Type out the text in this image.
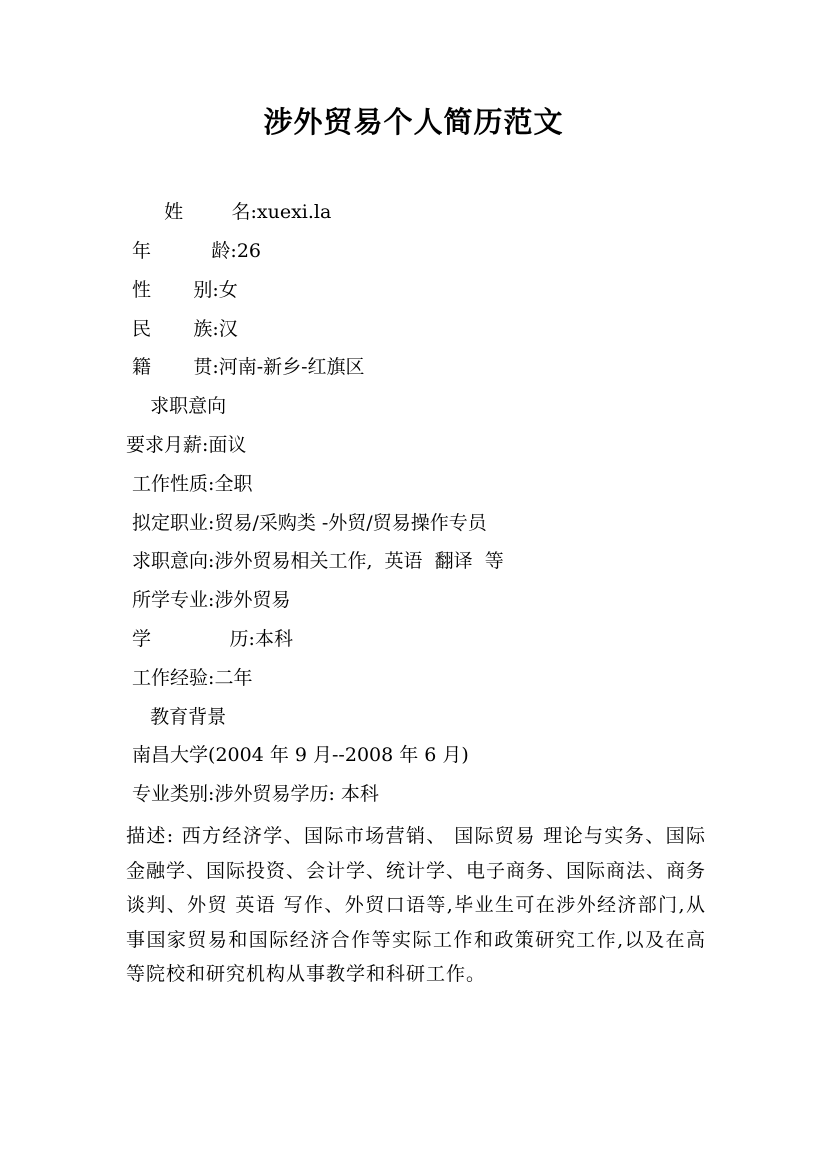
涉外贸易个人简历范文
姓        名:xuexi.la
年          龄:26
性       别:女
民       族:汉
籍       贯:河南-新乡-红旗区
求职意向
要求月薪:面议
工作性质:全职
拟定职业:贸易/采购类 -外贸/贸易操作专员
求职意向:涉外贸易相关工作,  英语  翻译  等
所学专业:涉外贸易
学             历:本科
工作经验:二年
教育背景
南昌大学(2004 年 9 月--2008 年 6 月)
专业类别:涉外贸易学历: 本科
描述: 西方经济学、国际市场营销、 国际贸易 理论与实务、国际金融学、国际投资、会计学、统计学、电子商务、国际商法、商务谈判、外贸 英语 写作、外贸口语等,毕业生可在涉外经济部门,从事国家贸易和国际经济合作等实际工作和政策研究工作,以及在高等院校和研究机构从事教学和科研工作。
